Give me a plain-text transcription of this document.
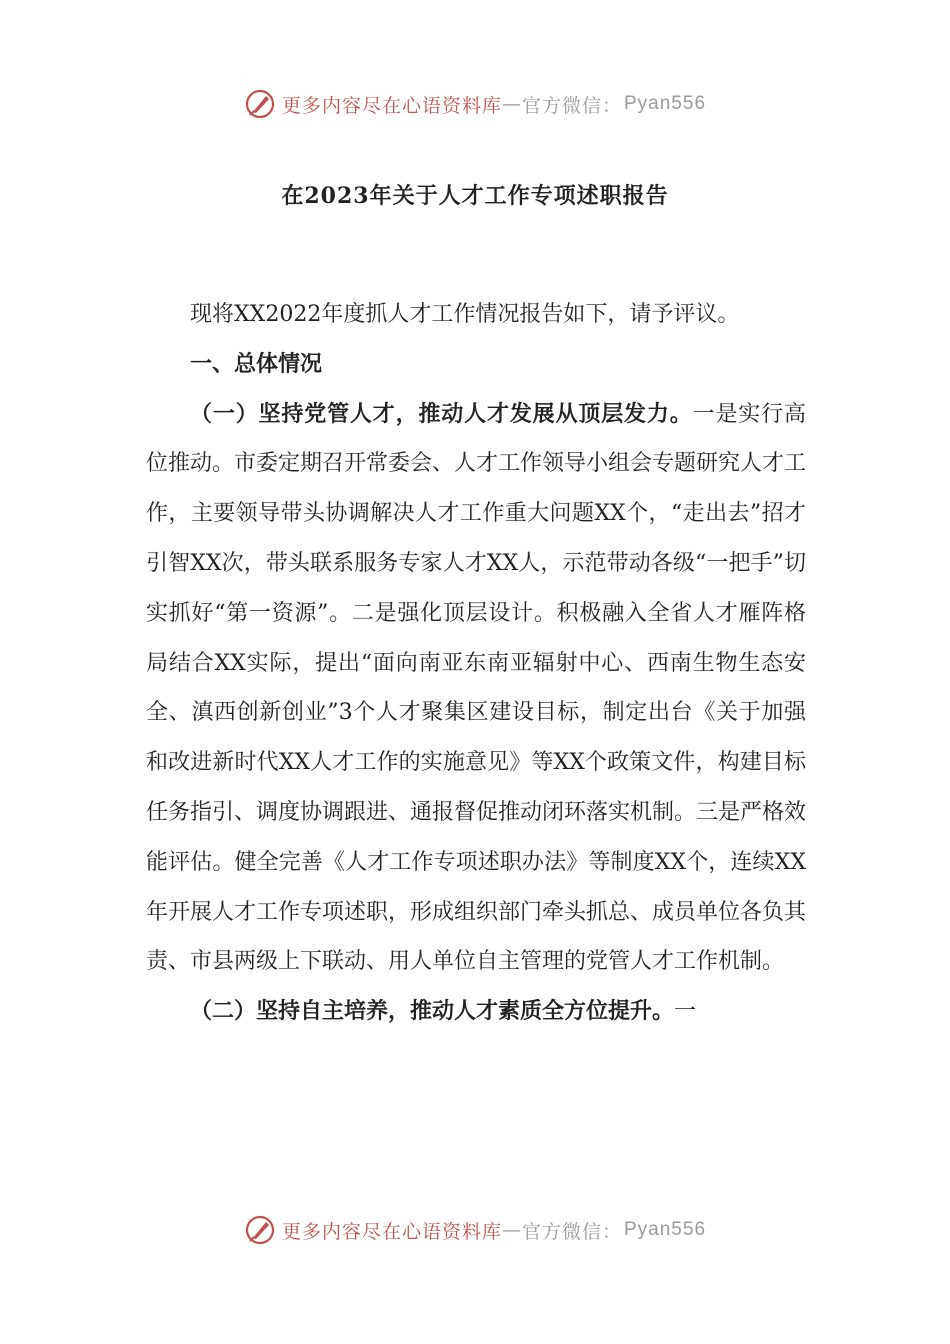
更多内容尽在心语资料库 — 官方微信： Pyan556
在2023年关于人才工作专项述职报告

现将XX2022年度抓人才工作情况报告如下，请予评议。

一、总体情况

（一）坚持党管人才，推动人才发展从顶层发力。一是实行高位推动。市委定期召开常委会、人才工作领导小组会专题研究人才工作，主要领导带头协调解决人才工作重大问题XX个，“走出去”招才引智XX次，带头联系服务专家人才XX人，示范带动各级“一把手”切实抓好“第一资源”。二是强化顶层设计。积极融入全省人才雁阵格局结合XX实际，提出“面向南亚东南亚辐射中心、西南生物生态安全、滇西创新创业”3个人才聚集区建设目标，制定出台《关于加强和改进新时代XX人才工作的实施意见》等XX个政策文件，构建目标任务指引、调度协调跟进、通报督促推动闭环落实机制。三是严格效能评估。健全完善《人才工作专项述职办法》等制度XX个，连续XX年开展人才工作专项述职，形成组织部门牵头抓总、成员单位各负其责、市县两级上下联动、用人单位自主管理的党管人才工作机制。

（二）坚持自主培养，推动人才素质全方位提升。一

更多内容尽在心语资料库 — 官方微信： Pyan556
